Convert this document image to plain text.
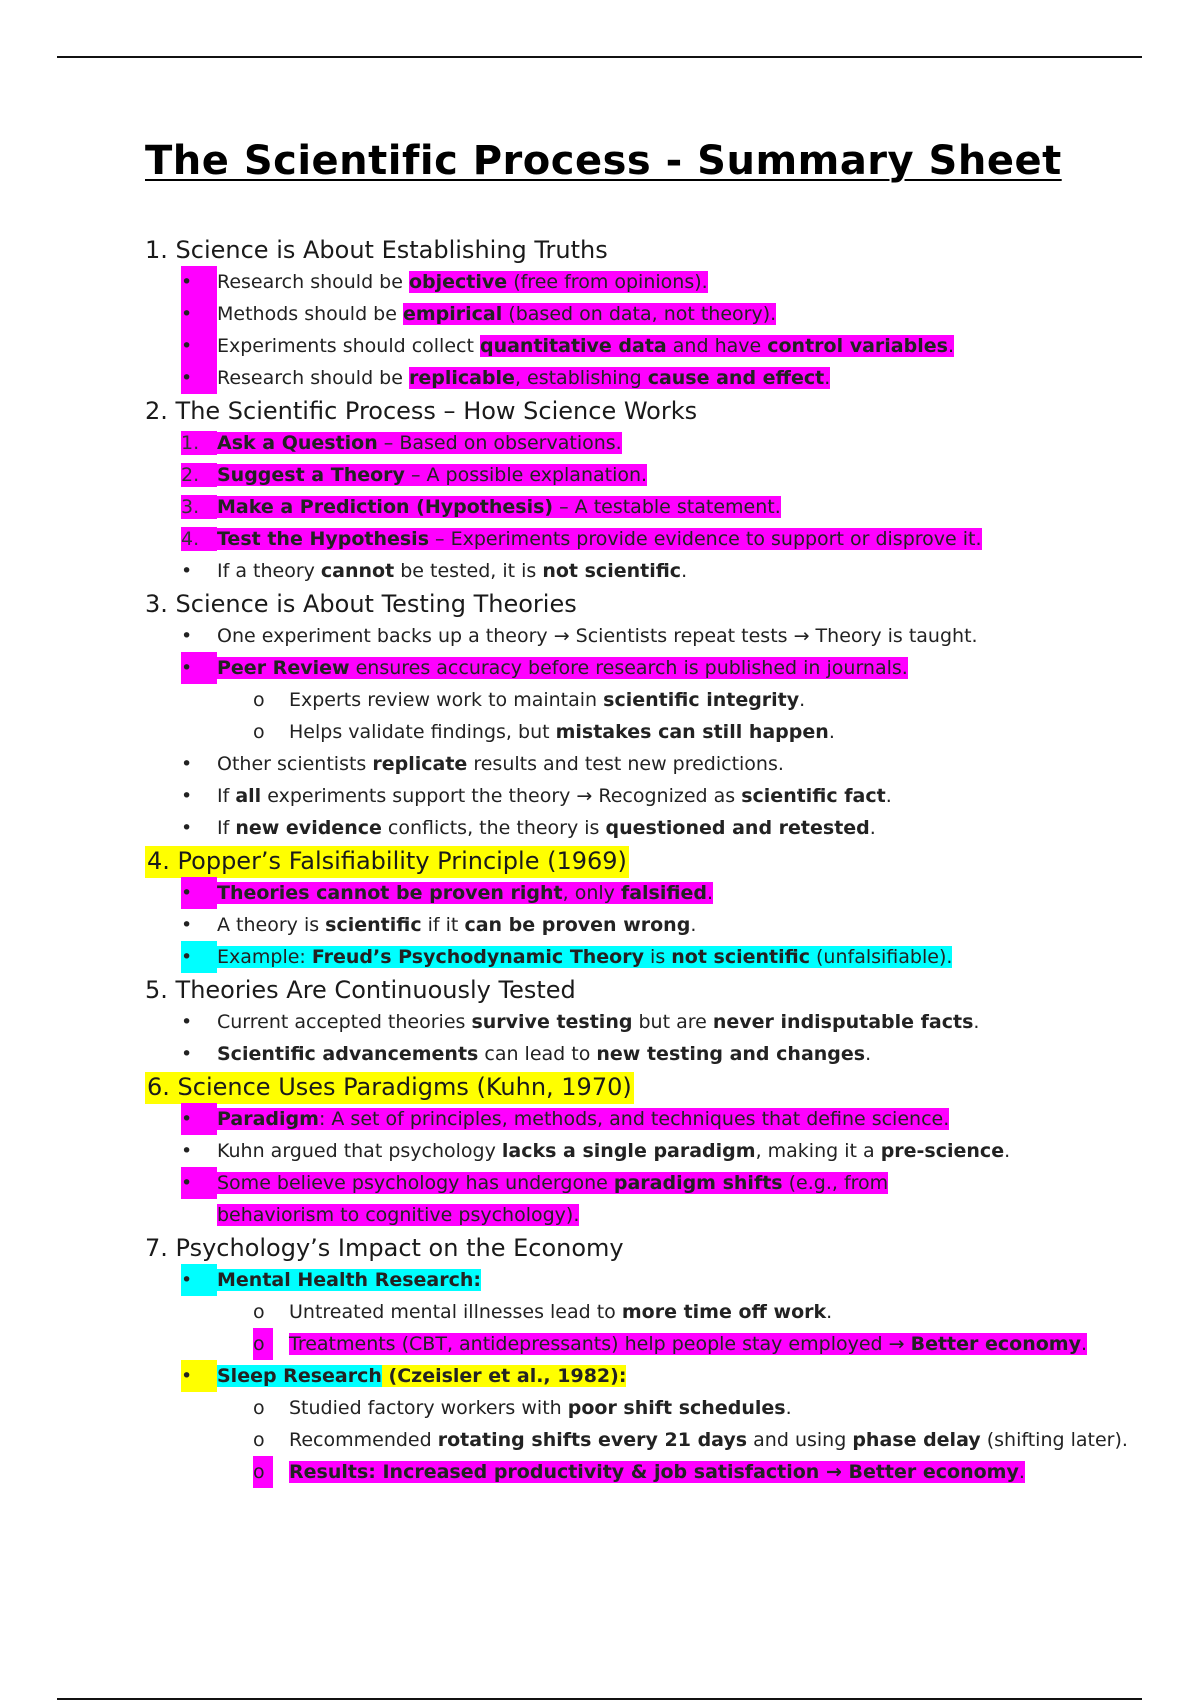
The Scientific Process - Summary Sheet
1. Science is About Establishing Truths
•	Research should be objective (free from opinions).
•	Methods should be empirical (based on data, not theory).
•	Experiments should collect quantitative data and have control variables.
•	Research should be replicable, establishing cause and effect.
2. The Scientific Process – How Science Works
1. Ask a Question – Based on observations.
2. Suggest a Theory – A possible explanation.
3. Make a Prediction (Hypothesis) – A testable statement.
4. Test the Hypothesis – Experiments provide evidence to support or disprove it.
•	If a theory cannot be tested, it is not scientific.
3. Science is About Testing Theories
•	One experiment backs up a theory → Scientists repeat tests → Theory is taught.
•	Peer Review ensures accuracy before research is published in journals.
o	Experts review work to maintain scientific integrity.
o	Helps validate findings, but mistakes can still happen.
•	Other scientists replicate results and test new predictions.
•	If all experiments support the theory → Recognized as scientific fact.
•	If new evidence conflicts, the theory is questioned and retested.
4. Popper’s Falsifiability Principle (1969)
•	Theories cannot be proven right, only falsified.
•	A theory is scientific if it can be proven wrong.
•	Example: Freud’s Psychodynamic Theory is not scientific (unfalsifiable).
5. Theories Are Continuously Tested
•	Current accepted theories survive testing but are never indisputable facts.
•	Scientific advancements can lead to new testing and changes.
6. Science Uses Paradigms (Kuhn, 1970)
•	Paradigm: A set of principles, methods, and techniques that define science.
•	Kuhn argued that psychology lacks a single paradigm, making it a pre-science.
•	Some believe psychology has undergone paradigm shifts (e.g., from behaviorism to cognitive psychology).
7. Psychology’s Impact on the Economy
•	Mental Health Research:
o	Untreated mental illnesses lead to more time off work.
o	Treatments (CBT, antidepressants) help people stay employed → Better economy.
•	Sleep Research (Czeisler et al., 1982):
o	Studied factory workers with poor shift schedules.
o	Recommended rotating shifts every 21 days and using phase delay (shifting later).
o	Results: Increased productivity & job satisfaction → Better economy.
